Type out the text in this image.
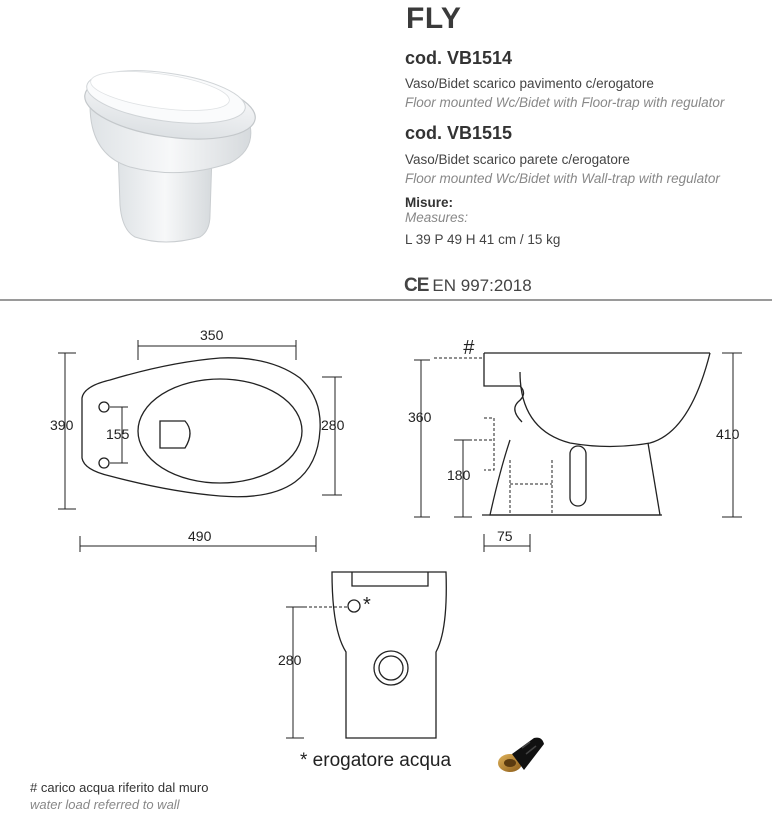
FLY
cod. VB1514
Vaso/Bidet scarico pavimento c/erogatore
Floor mounted Wc/Bidet with Floor-trap with regulator
cod. VB1515
Vaso/Bidet scarico parete c/erogatore
Floor mounted Wc/Bidet with Wall-trap with regulator
Misure:
Measures:
L 39 P 49 H 41 cm / 15 kg
CE EN 997:2018
350
390
155
280
490
#
360
180
410
75
280
*
* erogatore acqua
# carico acqua riferito dal muro
water load referred to wall
